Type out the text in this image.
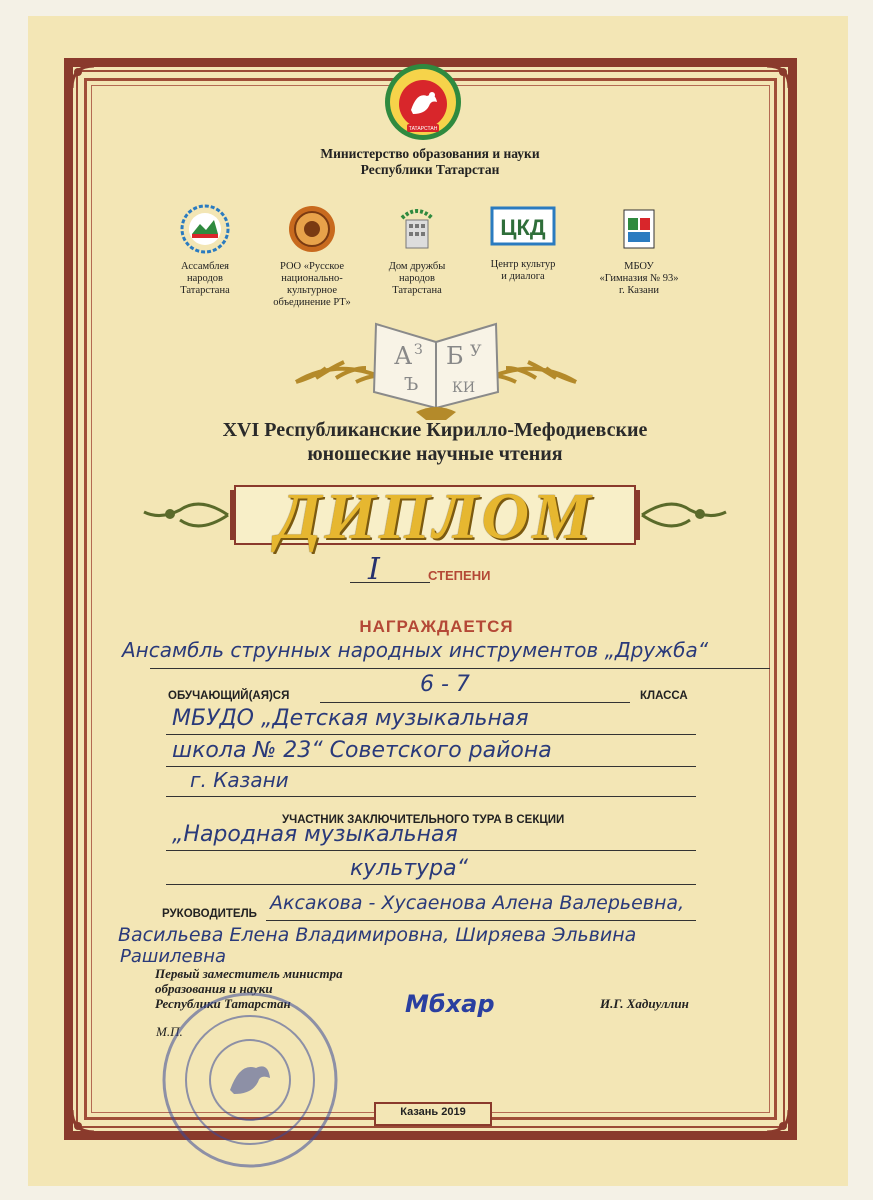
ТАТАРСТАН
Министерство образования и науки
Республики Татарстан
Ассамблея
народов
Татарстана
РОО «Русское
национально-
культурное
объединение РТ»
Дом дружбы
народов
Татарстана
ЦКД
Центр культур
и диалога
МБОУ
«Гимназия № 93»
г. Казани
А З
Ъ
Б У
КИ
XVI Республиканские Кирилло-Мефодиевские
юношеские научные чтения
ДИПЛОМ
I	СТЕПЕНИ
НАГРАЖДАЕТСЯ
Ансамбль струнных народных инструментов „Дружба“
ОБУЧАЮЩИЙ(АЯ)СЯ	6 - 7	КЛАССА
МБУДО „Детская музыкальная
школа № 23“ Советского района
г. Казани
УЧАСТНИК ЗАКЛЮЧИТЕЛЬНОГО ТУРА В СЕКЦИИ
„Народная музыкальная
культура“
РУКОВОДИТЕЛЬ Аксакова - Хусаенова Алена Валерьевна,
Васильева Елена Владимировна, Ширяева Эльвина
Рашилевна
Первый заместитель министра
образования и науки
Республики Татарстан	Мбхар	И.Г. Хадиуллин
М.П.
Казань 2019
